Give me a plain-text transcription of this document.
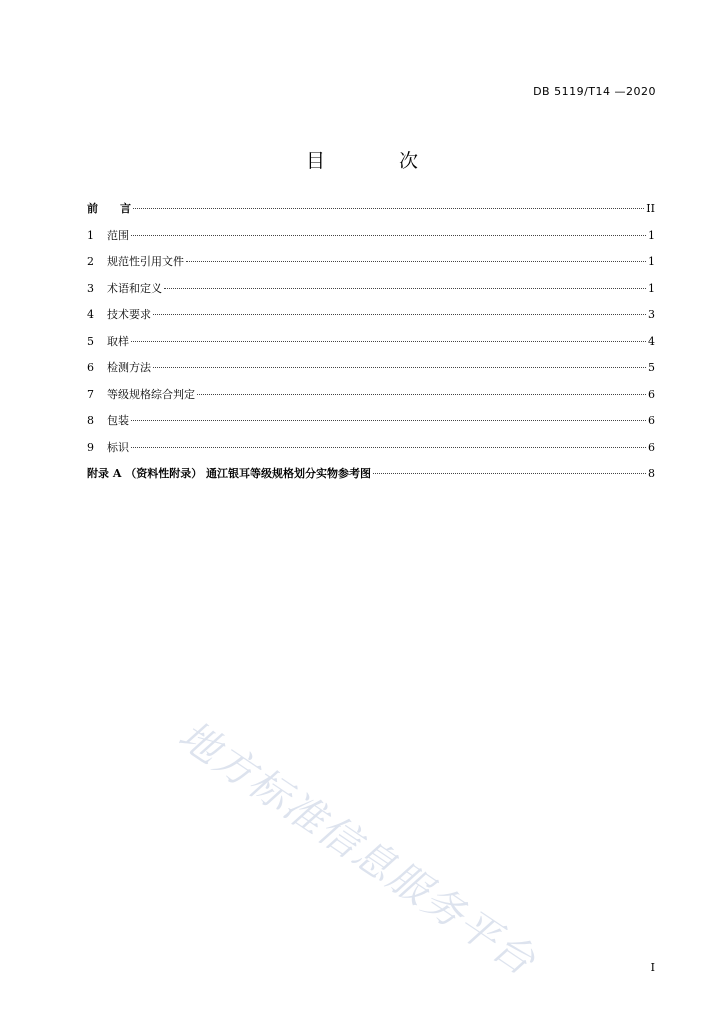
DB 5119/T14 —2020
目 次
前言	II
1	范围	1
2	规范性引用文件	1
3	术语和定义	1
4	技术要求	3
5	取样	4
6	检测方法	5
7	等级规格综合判定	6
8	包装	6
9	标识	6
附录 A （资料性附录） 通江银耳等级规格划分实物参考图	8
地方标准信息服务平台	I
